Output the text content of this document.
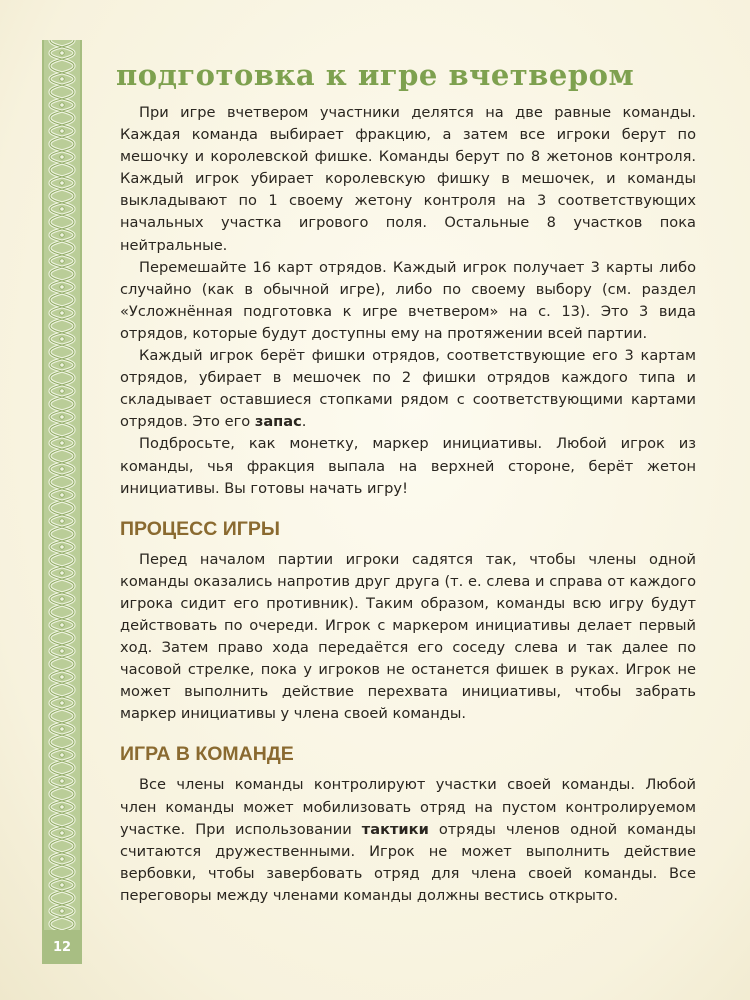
12
подготовка к игре вчетвером

При игре вчетвером участники делятся на две равные команды. Каждая команда выбирает фракцию, а затем все игроки берут по мешочку и королевской фишке. Команды берут по 8 жетонов контроля. Каждый игрок убирает королевскую фишку в мешочек, и команды выкладывают по 1 своему жетону контроля на 3 соответствующих начальных участка игрового поля. Остальные 8 участков пока нейтральные.

Перемешайте 16 карт отрядов. Каждый игрок получает 3 карты либо случайно (как в обычной игре), либо по своему выбору (см. раздел «Усложнённая подготовка к игре вчетвером» на с. 13). Это 3 вида отрядов, которые будут доступны ему на протяжении всей партии.

Каждый игрок берёт фишки отрядов, соответствующие его 3 картам отрядов, убирает в мешочек по 2 фишки отрядов каждого типа и складывает оставшиеся стопками рядом с соответствующими картами отрядов. Это его запас.

Подбросьте, как монетку, маркер инициативы. Любой игрок из команды, чья фракция выпала на верхней стороне, берёт жетон инициативы. Вы готовы начать игру!

ПРОЦЕСС ИГРЫ

Перед началом партии игроки садятся так, чтобы члены одной команды оказались напротив друг друга (т. е. слева и справа от каждого игрока сидит его противник). Таким образом, команды всю игру будут действовать по очереди. Игрок с маркером инициативы делает первый ход. Затем право хода передаётся его соседу слева и так далее по часовой стрелке, пока у игроков не останется фишек в руках. Игрок не может выполнить действие перехвата инициативы, чтобы забрать маркер инициативы у члена своей команды.

ИГРА В КОМАНДЕ

Все члены команды контролируют участки своей команды. Любой член команды может мобилизовать отряд на пустом контролируемом участке. При использовании тактики отряды членов одной команды считаются дружественными. Игрок не может выполнить действие вербовки, чтобы завербовать отряд для члена своей команды. Все переговоры между членами команды должны вестись открыто.
